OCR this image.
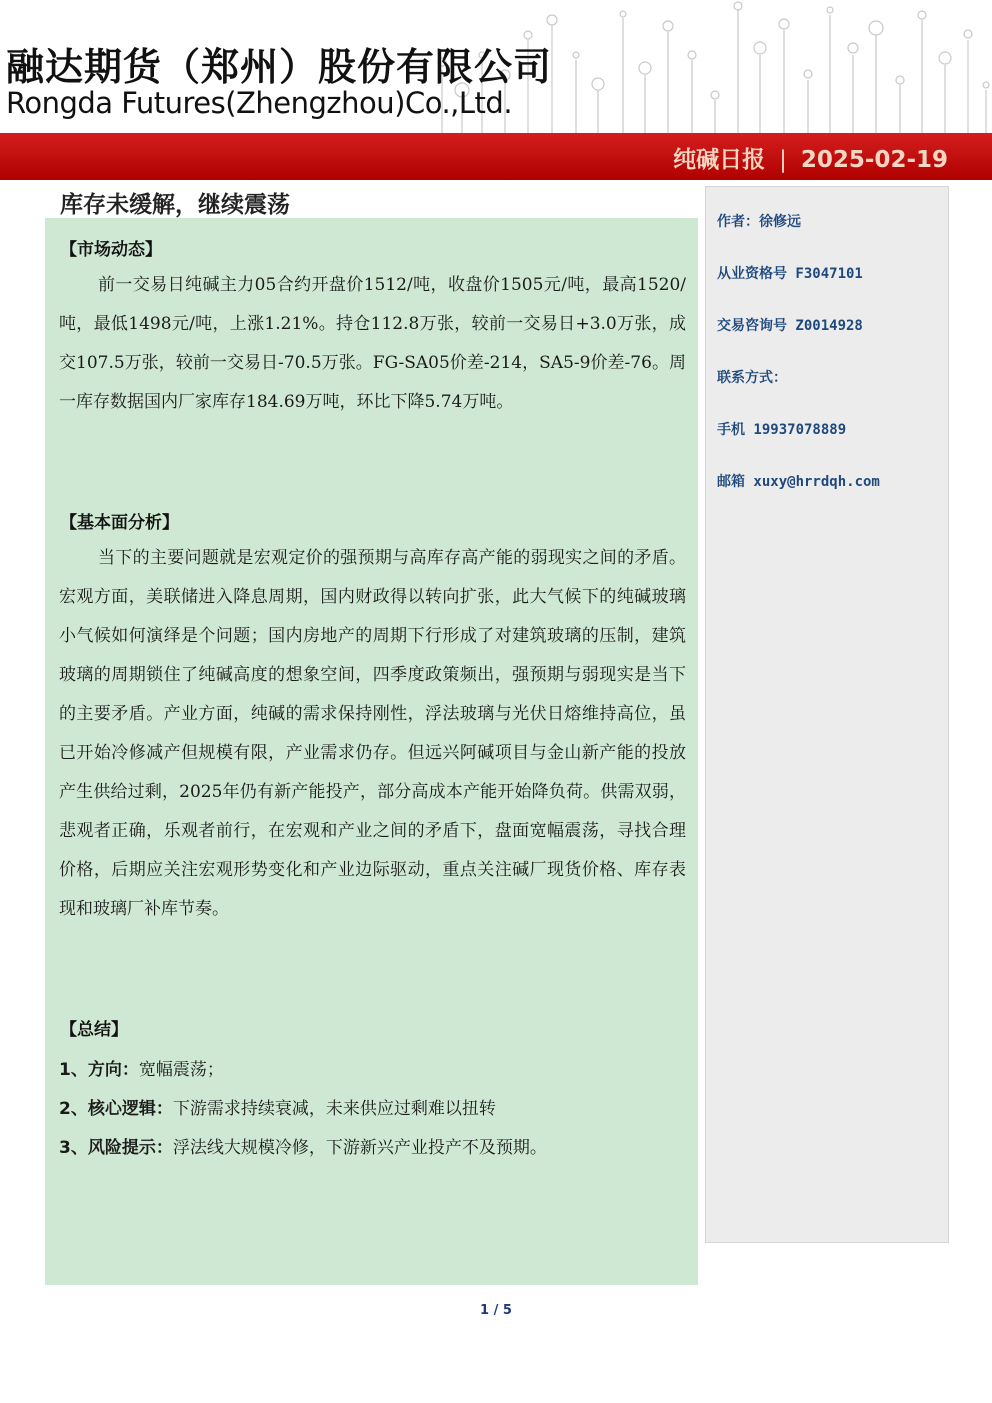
融达期货（郑州）股份有限公司
Rongda Futures(Zhengzhou)Co.,Ltd.
纯碱日报 | 2025-02-19
库存未缓解，继续震荡
【市场动态】

前一交易日纯碱主力05合约开盘价1512/吨，收盘价1505元/吨，最高1520/吨，最低1498元/吨，上涨1.21%。持仓112.8万张，较前一交易日+3.0万张，成交107.5万张，较前一交易日-70.5万张。FG-SA05价差-214，SA5-9价差-76。周一库存数据国内厂家库存184.69万吨，环比下降5.74万吨。

【基本面分析】

当下的主要问题就是宏观定价的强预期与高库存高产能的弱现实之间的矛盾。宏观方面，美联储进入降息周期，国内财政得以转向扩张，此大气候下的纯碱玻璃小气候如何演绎是个问题；国内房地产的周期下行形成了对建筑玻璃的压制，建筑玻璃的周期锁住了纯碱高度的想象空间，四季度政策频出，强预期与弱现实是当下的主要矛盾。产业方面，纯碱的需求保持刚性，浮法玻璃与光伏日熔维持高位，虽已开始冷修减产但规模有限，产业需求仍存。但远兴阿碱项目与金山新产能的投放产生供给过剩，2025年仍有新产能投产，部分高成本产能开始降负荷。供需双弱，悲观者正确，乐观者前行，在宏观和产业之间的矛盾下，盘面宽幅震荡，寻找合理价格，后期应关注宏观形势变化和产业边际驱动，重点关注碱厂现货价格、库存表现和玻璃厂补库节奏。

【总结】
1、方向：宽幅震荡；
2、核心逻辑：下游需求持续衰减，未来供应过剩难以扭转
3、风险提示：浮法线大规模冷修，下游新兴产业投产不及预期。
作者：徐修远
从业资格号 F3047101
交易咨询号 Z0014928
联系方式：
手机 19937078889
邮箱 xuxy@hrrdqh.com
1 / 5
